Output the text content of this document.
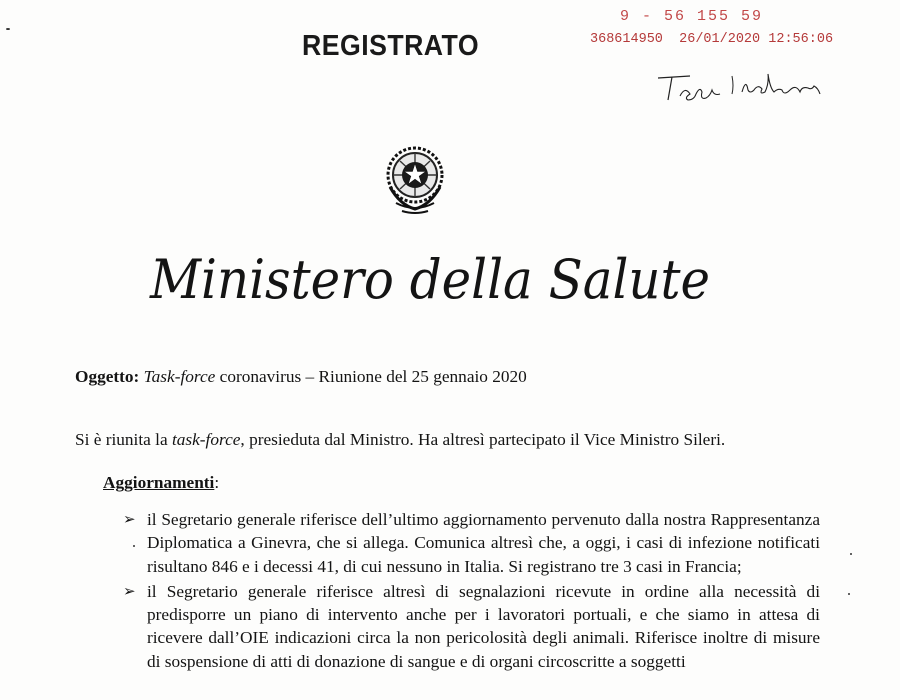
REGISTRATO
9 - 56 155 59
368614950 26/01/2020 12:56:06
Ministero della Salute
Oggetto: Task-force coronavirus – Riunione del 25 gennaio 2020
Si è riunita la task-force, presieduta dal Ministro. Ha altresì partecipato il Vice Ministro Sileri.
Aggiornamenti:
➢ il Segretario generale riferisce dell’ultimo aggiornamento pervenuto dalla nostra Rappresentanza Diplomatica a Ginevra, che si allega. Comunica altresì che, a oggi, i casi di infezione notificati risultano 846 e i decessi 41, di cui nessuno in Italia. Si registrano tre 3 casi in Francia;
➢ il Segretario generale riferisce altresì di segnalazioni ricevute in ordine alla necessità di predisporre un piano di intervento anche per i lavoratori portuali, e che siamo in attesa di ricevere dall’OIE indicazioni circa la non pericolosità degli animali. Riferisce inoltre di misure di sospensione di atti di donazione di sangue e di organi circoscritte a soggetti
